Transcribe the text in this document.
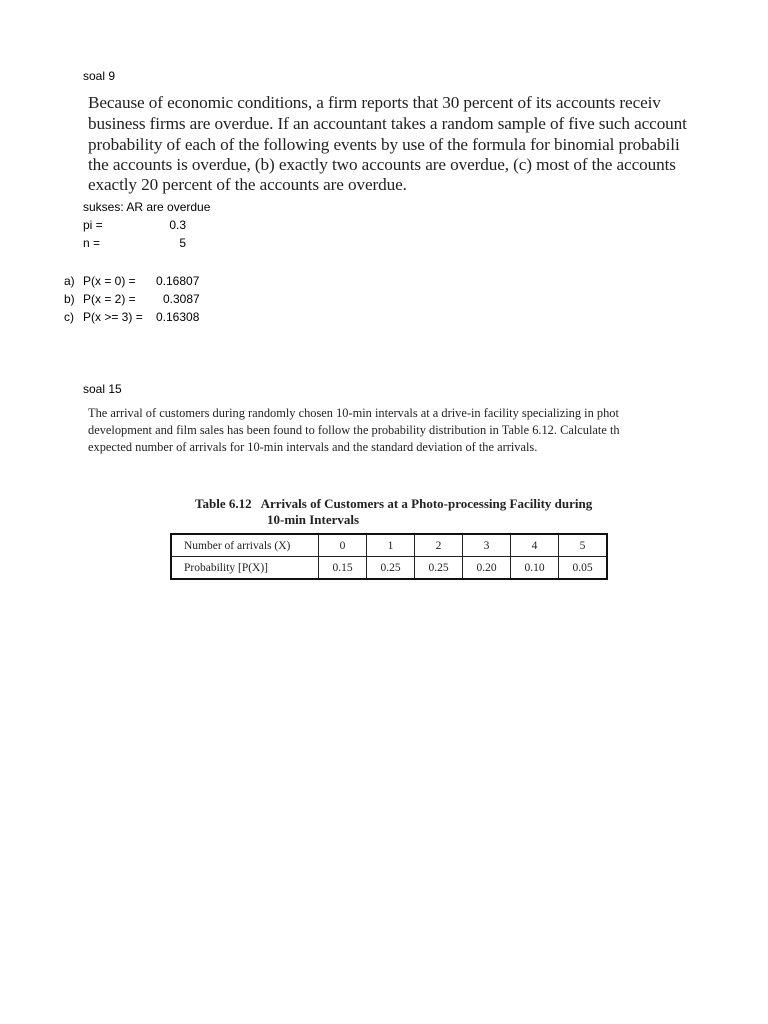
soal 9
Because of economic conditions, a firm reports that 30 percent of its accounts receiv
business firms are overdue. If an accountant takes a random sample of five such account
probability of each of the following events by use of the formula for binomial probabili
the accounts is overdue, (b) exactly two accounts are overdue, (c) most of the accounts
exactly 20 percent of the accounts are overdue.
sukses: AR are overdue
pi =	0.3
n =	5
a) P(x = 0) = 0.16807
b) P(x = 2) = 0.3087
c) P(x >= 3) = 0.16308
soal 15
The arrival of customers during randomly chosen 10-min intervals at a drive-in facility specializing in phot
development and film sales has been found to follow the probability distribution in Table 6.12. Calculate th
expected number of arrivals for 10-min intervals and the standard deviation of the arrivals.
Table 6.12   Arrivals of Customers at a Photo-processing Facility during
10-min Intervals
Number of arrivals (X)	0	1	2	3	4	5
Probability [P(X)]	0.15	0.25	0.25	0.20	0.10	0.05
